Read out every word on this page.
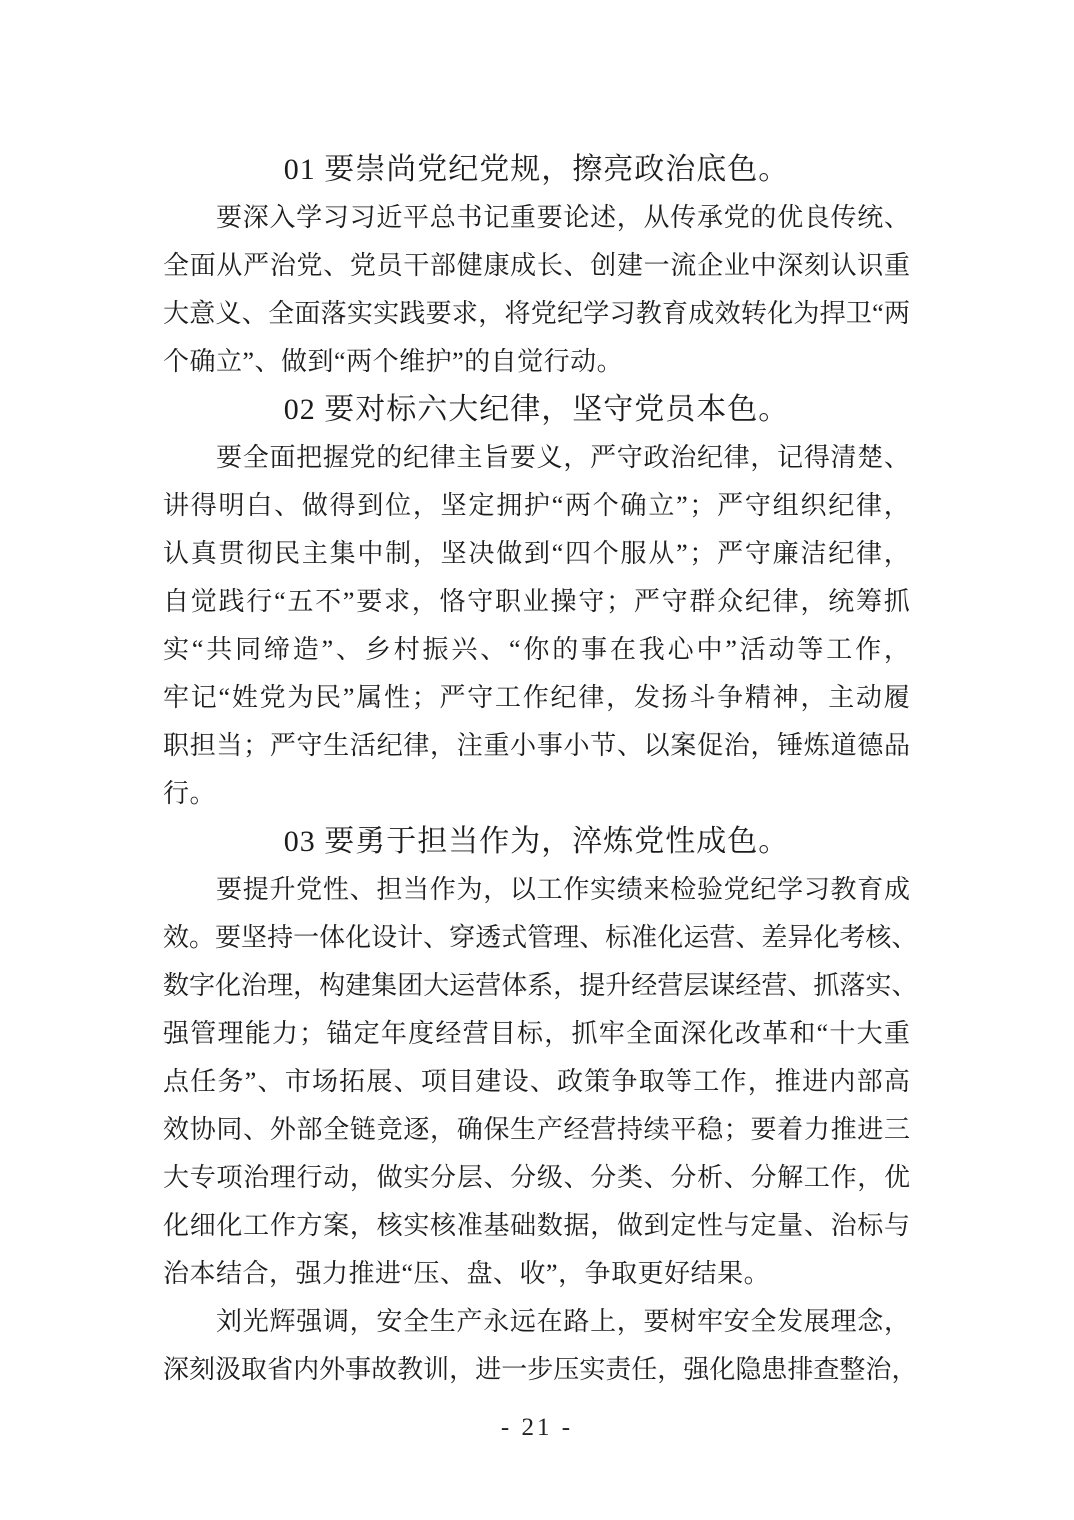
01 要崇尚党纪党规，擦亮政治底色。
要 深 入 学 习 习 近 平 总 书 记 重 要 论 述 ， 从 传 承 党 的 优 良 传 统 、
全 面 从 严 治 党 、 党 员 干 部 健 康 成 长 、 创 建 一 流 企 业 中 深 刻 认 识 重
大 意 义 、 全 面 落 实 实 践 要 求 ， 将 党 纪 学 习 教 育 成 效 转 化 为 捍 卫 “ 两
个确立”、做到“两个维护”的自觉行动。
02 要对标六大纪律，坚守党员本色。
要 全 面 把 握 党 的 纪 律 主 旨 要 义 ， 严 守 政 治 纪 律 ， 记 得 清 楚 、
讲 得 明 白 、 做 得 到 位 ， 坚 定 拥 护 “ 两 个 确 立 ” ； 严 守 组 织 纪 律 ，
认 真 贯 彻 民 主 集 中 制 ， 坚 决 做 到 “ 四 个 服 从 ” ； 严 守 廉 洁 纪 律 ，
自 觉 践 行 “ 五 不 ” 要 求 ， 恪 守 职 业 操 守 ； 严 守 群 众 纪 律 ， 统 筹 抓
实 “ 共 同 缔 造 ” 、 乡 村 振 兴 、 “ 你 的 事 在 我 心 中 ” 活 动 等 工 作 ，
牢 记 “ 姓 党 为 民 ” 属 性 ； 严 守 工 作 纪 律 ， 发 扬 斗 争 精 神 ， 主 动 履
职 担 当 ； 严 守 生 活 纪 律 ， 注 重 小 事 小 节 、 以 案 促 治 ， 锤 炼 道 德 品
行。
03 要勇于担当作为，淬炼党性成色。
要 提 升 党 性 、 担 当 作 为 ， 以 工 作 实 绩 来 检 验 党 纪 学 习 教 育 成
效 。 要 坚 持 一 体 化 设 计 、 穿 透 式 管 理 、 标 准 化 运 营 、 差 异 化 考 核 、
数 字 化 治 理 ， 构 建 集 团 大 运 营 体 系 ， 提 升 经 营 层 谋 经 营 、 抓 落 实 、
强 管 理 能 力 ； 锚 定 年 度 经 营 目 标 ， 抓 牢 全 面 深 化 改 革 和 “ 十 大 重
点 任 务 ” 、 市 场 拓 展 、 项 目 建 设 、 政 策 争 取 等 工 作 ， 推 进 内 部 高
效 协 同 、 外 部 全 链 竞 逐 ， 确 保 生 产 经 营 持 续 平 稳 ； 要 着 力 推 进 三
大 专 项 治 理 行 动 ， 做 实 分 层 、 分 级 、 分 类 、 分 析 、 分 解 工 作 ， 优
化 细 化 工 作 方 案 ， 核 实 核 准 基 础 数 据 ， 做 到 定 性 与 定 量 、 治 标 与
治本结合，强力推进“压、盘、收”，争取更好结果。
刘 光 辉 强 调 ， 安 全 生 产 永 远 在 路 上 ， 要 树 牢 安 全 发 展 理 念 ，
深 刻 汲 取 省 内 外 事 故 教 训 ， 进 一 步 压 实 责 任 ， 强 化 隐 患 排 查 整 治 ，
- 21 -
